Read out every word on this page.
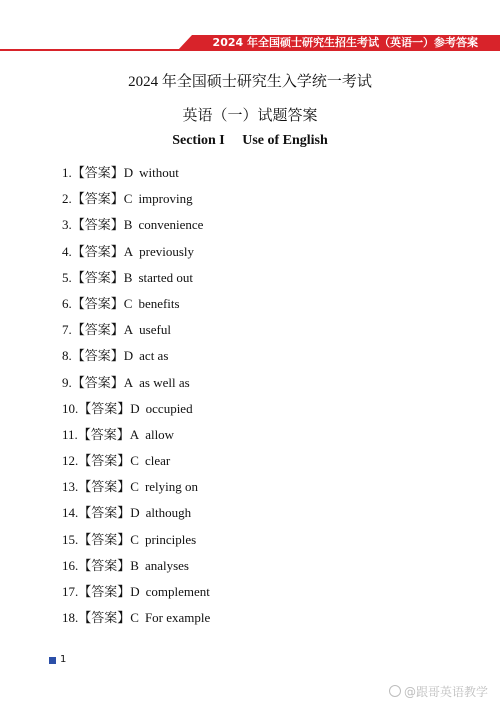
2024 年全国硕士研究生招生考试（英语一）参考答案
2024 年全国硕士研究生入学统一考试
英语（一）试题答案
Section I     Use of English
1.【答案】D without
2.【答案】C improving
3.【答案】B convenience
4.【答案】A previously
5.【答案】B started out
6.【答案】C benefits
7.【答案】A useful
8.【答案】D act as
9.【答案】A as well as
10.【答案】D occupied
11.【答案】A allow
12.【答案】C clear
13.【答案】C relying on
14.【答案】D although
15.【答案】C principles
16.【答案】B analyses
17.【答案】D complement
18.【答案】C For example
1
@跟哥英语教学
